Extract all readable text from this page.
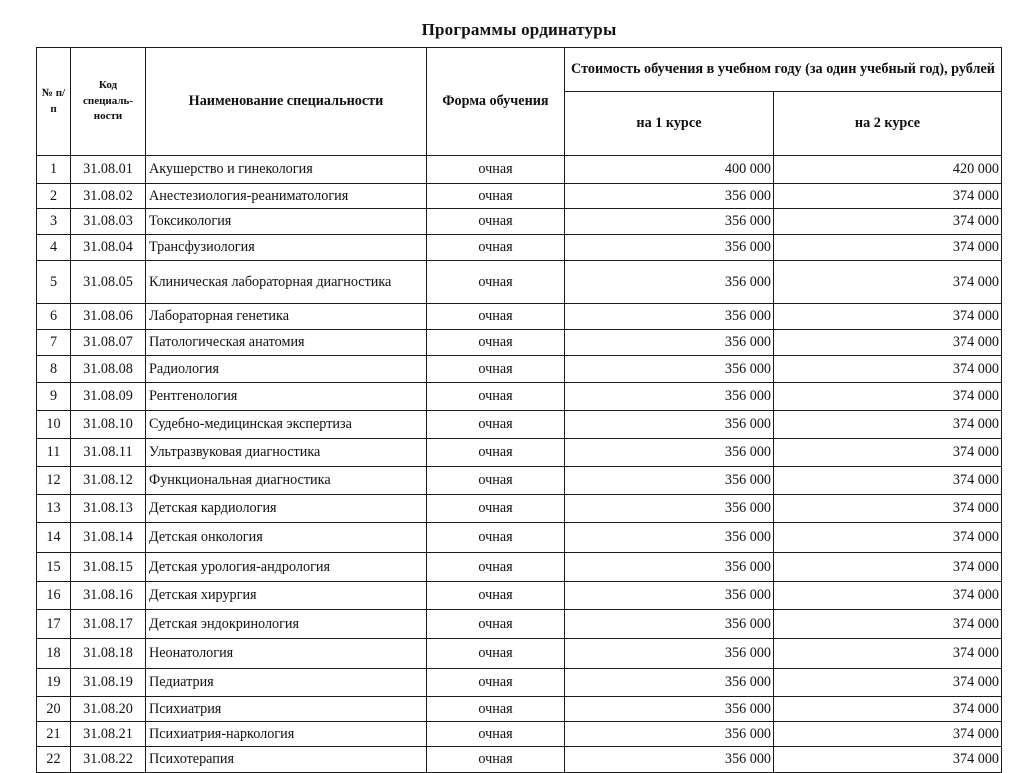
Программы ординатуры
№ п/п	Код специаль-ности	Наименование специальности	Форма обучения	Стоимость обучения в учебном году (за один учебный год), рублей	
				на 1 курсе	на 2 курсе
1	31.08.01	Акушерство и гинекология	очная	400 000	420 000
2	31.08.02	Анестезиология-реаниматология	очная	356 000	374 000
3	31.08.03	Токсикология	очная	356 000	374 000
4	31.08.04	Трансфузиология	очная	356 000	374 000
5	31.08.05	Клиническая лабораторная диагностика	очная	356 000	374 000
6	31.08.06	Лабораторная генетика	очная	356 000	374 000
7	31.08.07	Патологическая анатомия	очная	356 000	374 000
8	31.08.08	Радиология	очная	356 000	374 000
9	31.08.09	Рентгенология	очная	356 000	374 000
10	31.08.10	Судебно-медицинская экспертиза	очная	356 000	374 000
11	31.08.11	Ультразвуковая диагностика	очная	356 000	374 000
12	31.08.12	Функциональная диагностика	очная	356 000	374 000
13	31.08.13	Детская кардиология	очная	356 000	374 000
14	31.08.14	Детская онкология	очная	356 000	374 000
15	31.08.15	Детская урология-андрология	очная	356 000	374 000
16	31.08.16	Детская хирургия	очная	356 000	374 000
17	31.08.17	Детская эндокринология	очная	356 000	374 000
18	31.08.18	Неонатология	очная	356 000	374 000
19	31.08.19	Педиатрия	очная	356 000	374 000
20	31.08.20	Психиатрия	очная	356 000	374 000
21	31.08.21	Психиатрия-наркология	очная	356 000	374 000
22	31.08.22	Психотерапия	очная	356 000	374 000
